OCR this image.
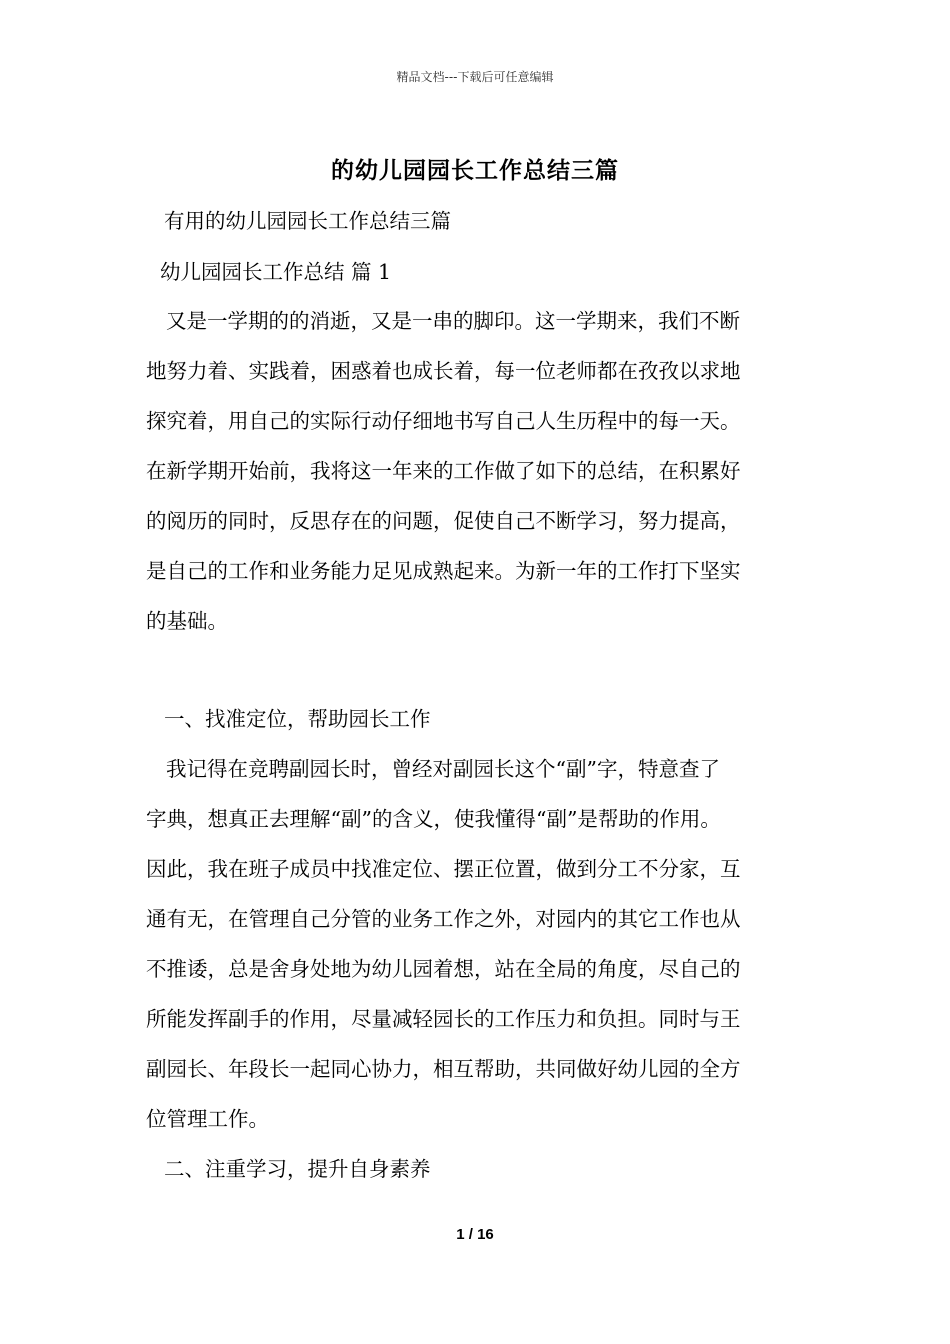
精品文档---下载后可任意编辑
的幼儿园园长工作总结三篇
有用的幼儿园园长工作总结三篇
幼儿园园长工作总结 篇 1
又是一学期的的消逝，又是一串的脚印。这一学期来，我们不断
地努力着、实践着，困惑着也成长着，每一位老师都在孜孜以求地
探究着，用自己的实际行动仔细地书写自己人生历程中的每一天。
在新学期开始前，我将这一年来的工作做了如下的总结，在积累好
的阅历的同时，反思存在的问题，促使自己不断学习，努力提高，
是自己的工作和业务能力足见成熟起来。为新一年的工作打下坚实
的基础。
一、找准定位，帮助园长工作
我记得在竞聘副园长时，曾经对副园长这个“副”字，特意查了
字典，想真正去理解“副”的含义，使我懂得“副”是帮助的作用。
因此，我在班子成员中找准定位、摆正位置，做到分工不分家，互
通有无，在管理自己分管的业务工作之外，对园内的其它工作也从
不推诿，总是舍身处地为幼儿园着想，站在全局的角度，尽自己的
所能发挥副手的作用，尽量减轻园长的工作压力和负担。同时与王
副园长、年段长一起同心协力，相互帮助，共同做好幼儿园的全方
位管理工作。
二、注重学习，提升自身素养
1 / 16
